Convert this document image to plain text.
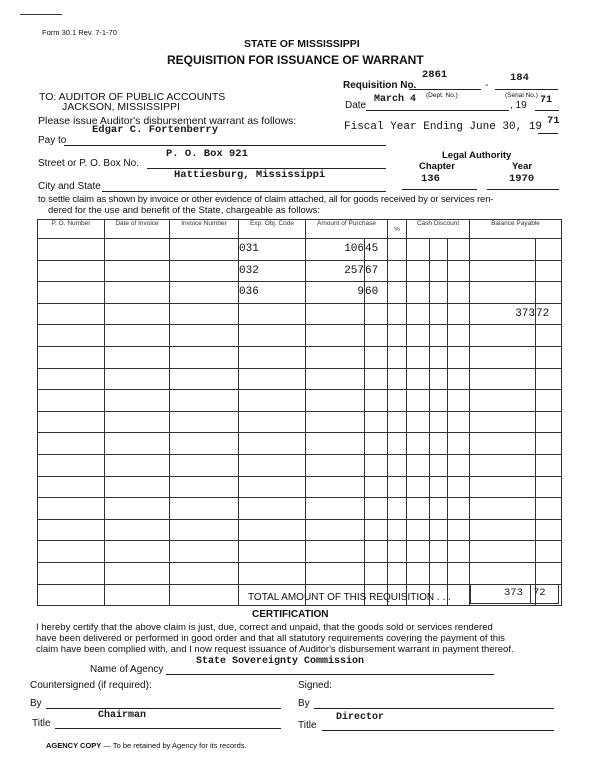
Form 30.1 Rev. 7-1-70
STATE OF MISSISSIPPI
REQUISITION FOR ISSUANCE OF WARRANT
Requisition No.
2861
-
184
(Dept. No.)	(Serial No.)
TO: AUDITOR OF PUBLIC ACCOUNTS
JACKSON, MISSISSIPPI	Date
March 4
, 19 71
Please issue Auditor's disbursement warrant as follows:
Edgar C. Fortenberry	Fiscal Year Ending June 30, 19 71
Pay to
Legal Authority
P. O. Box 921
Street or P. O. Box No.	Chapter	Year
Hattiesburg, Mississippi	136	1970
City and State
to settle claim as shown by invoice or other evidence of claim attached, all for goods received by or services ren-
dered for the use and benefit of the State, chargeable as follows:
P. O. Number	Date of Invoice	Invoice Number	Exp. Obj. Code	Amount of Purchase		%	Cash Discount			Balance Payable	
			031	106	45						
			032	257	67						
			036	9	60						
										373	72

TOTAL AMOUNT OF THIS REQUISITION . . .	373 72
CERTIFICATION
I hereby certify that the above claim is just, due, correct and unpaid, that the goods sold or services rendered
have been delivered or performed in good order and that all statutory requirements covering the payment of this
claim have been complied with, and I now request issuance of Auditor's disbursement warrant in payment thereof.
State Sovereignty Commission
Name of Agency
Countersigned (if required):	Signed:
By	By
Chairman	Director
Title	Title
AGENCY COPY — To be retained by Agency for its records.
